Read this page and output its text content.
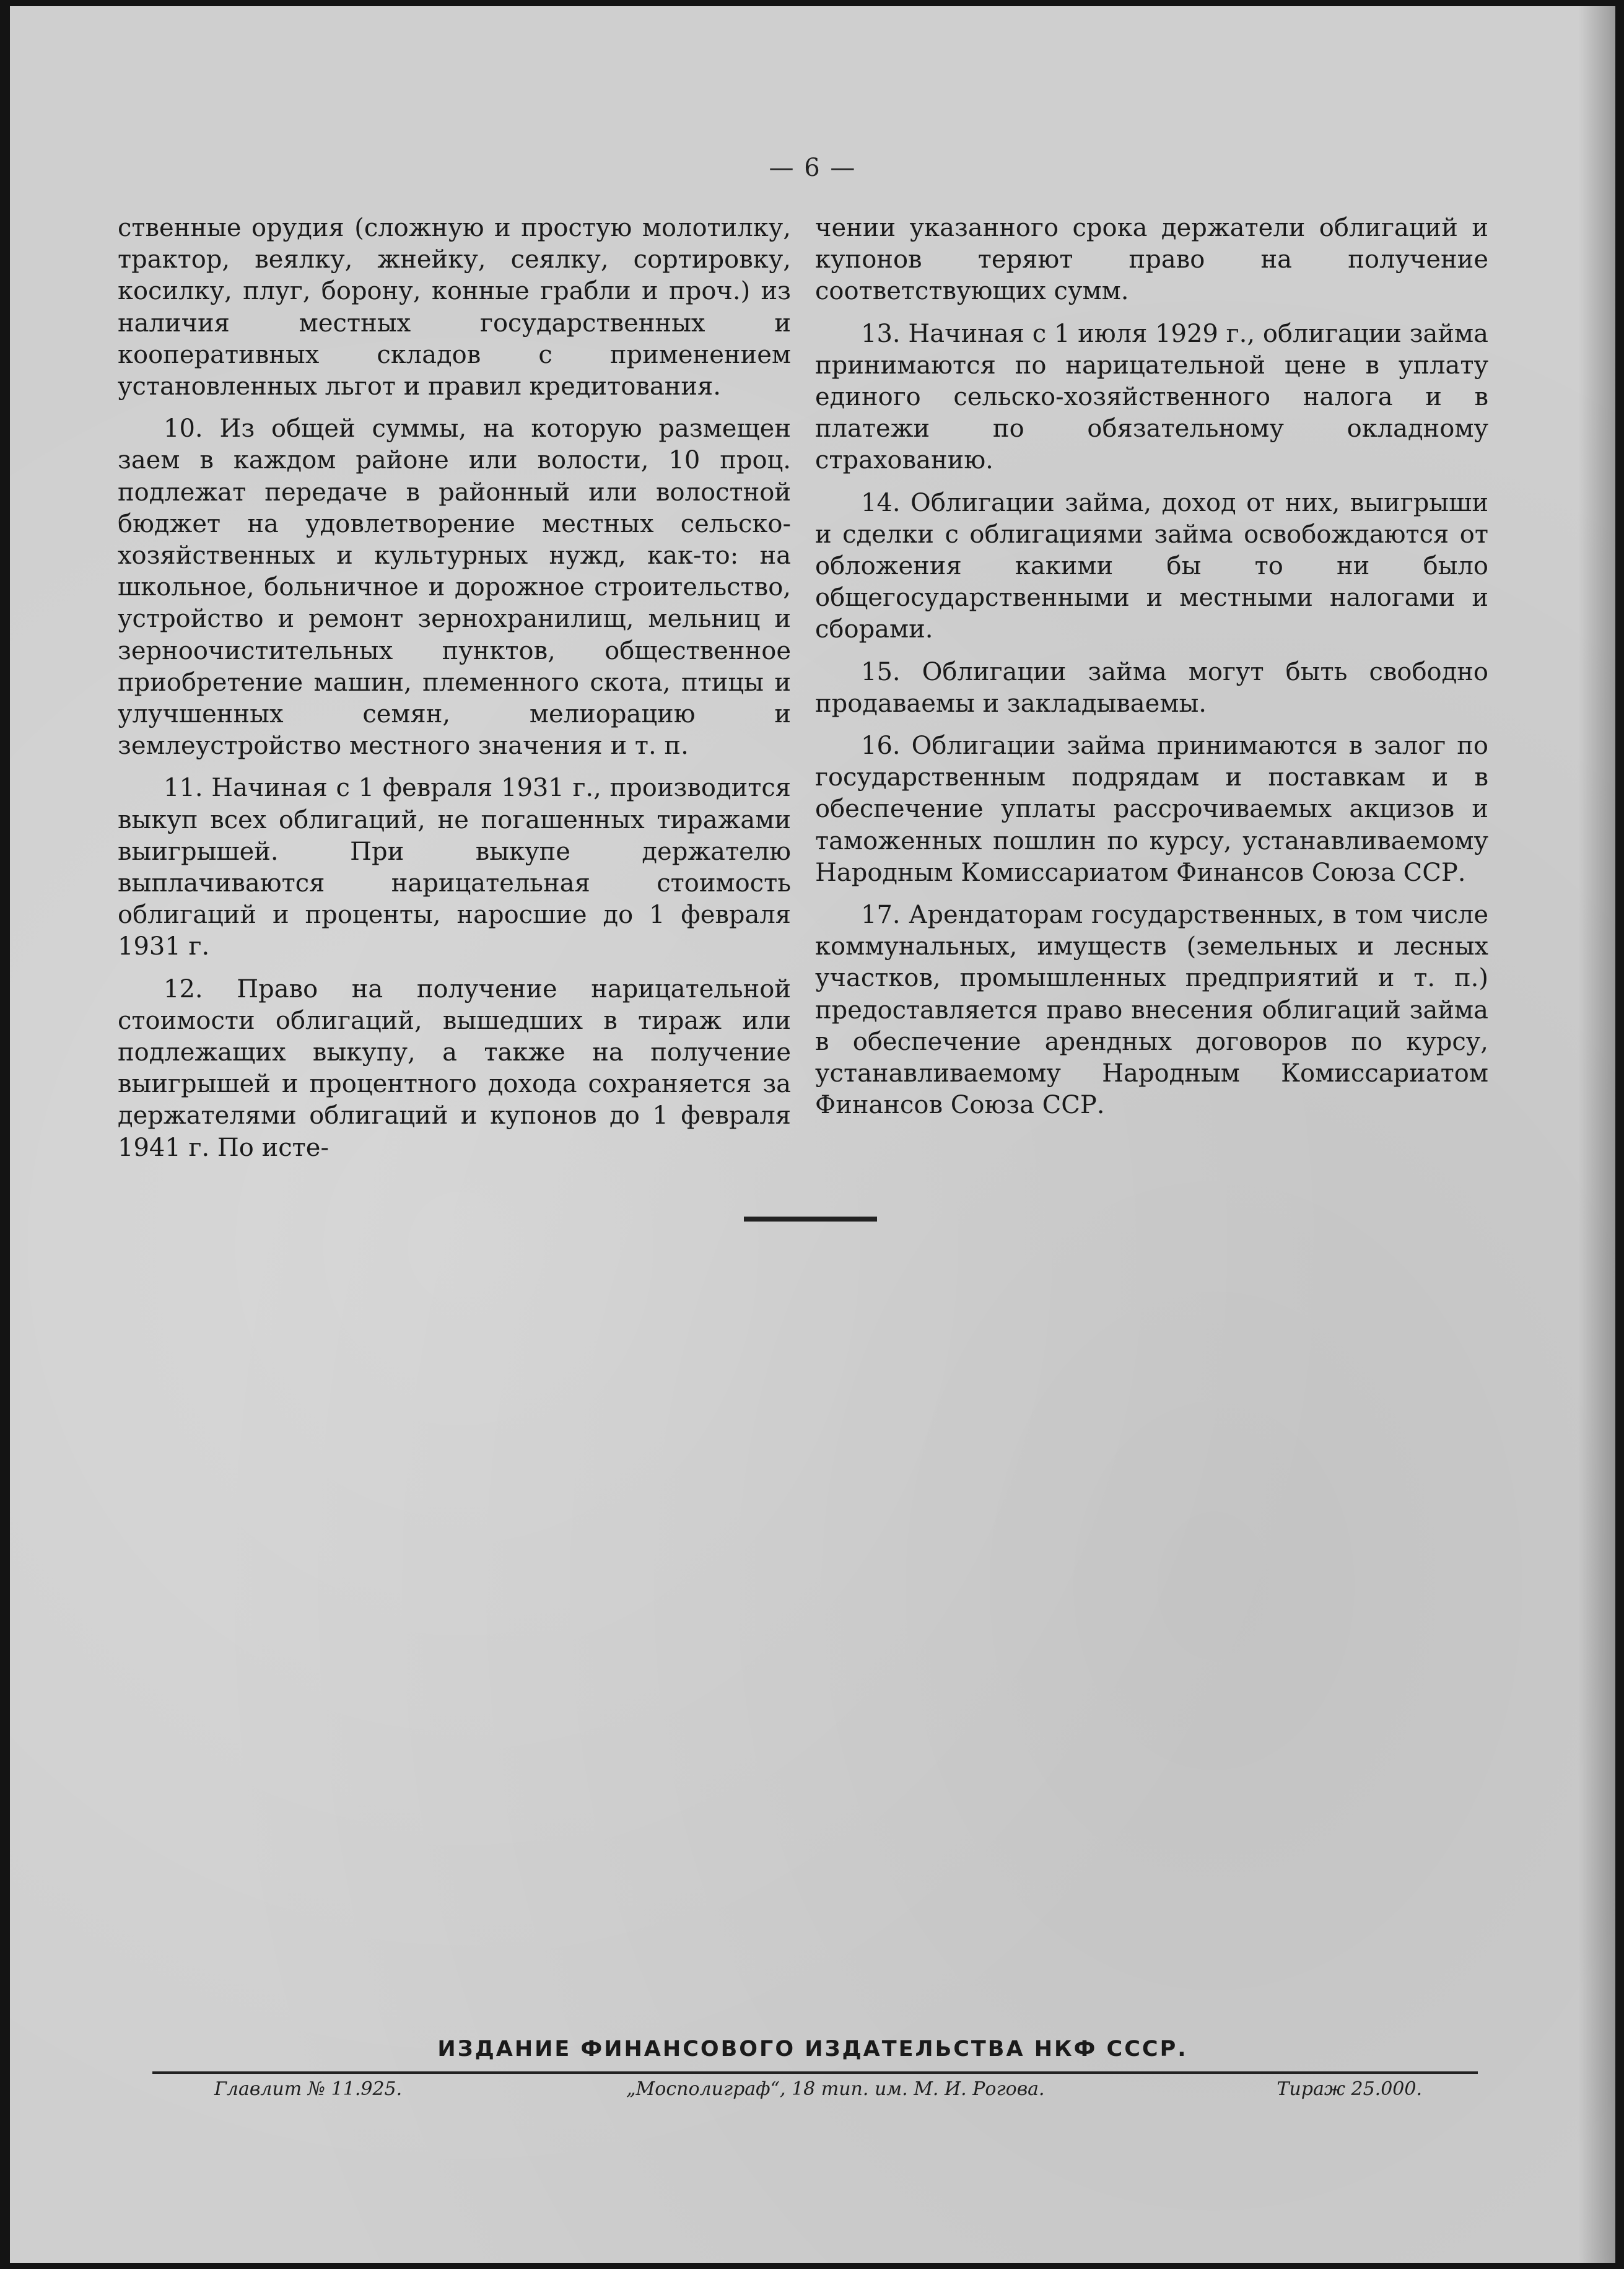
— 6 —

ственные орудия (сложную и простую молотилку, трактор, веялку, жнейку, сеялку, сортировку, косилку, плуг, борону, конные грабли и проч.) из наличия местных государственных и кооперативных складов с применением установленных льгот и правил кредитования.

10. Из общей суммы, на которую размещен заем в каждом районе или волости, 10 проц. подлежат передаче в районный или волостной бюджет на удовлетворение местных сельско-хозяйственных и культурных нужд, как-то: на школьное, больничное и дорожное строительство, устройство и ремонт зернохранилищ, мельниц и зерноочистительных пунктов, общественное приобретение машин, племенного скота, птицы и улучшенных семян, мелиорацию и землеустройство местного значения и т. п.

11. Начиная с 1 февраля 1931 г., производится выкуп всех облигаций, не погашенных тиражами выигрышей. При выкупе держателю выплачиваются нарицательная стоимость облигаций и проценты, наросшие до 1 февраля 1931 г.

12. Право на получение нарицательной стоимости облигаций, вышедших в тираж или подлежащих выкупу, а также на получение выигрышей и процентного дохода сохраняется за держателями облигаций и купонов до 1 февраля 1941 г. По исте-

чении указанного срока держатели облигаций и купонов теряют право на получение соответствующих сумм.

13. Начиная с 1 июля 1929 г., облигации займа принимаются по нарицательной цене в уплату единого сельско-хозяйственного налога и в платежи по обязательному окладному страхованию.

14. Облигации займа, доход от них, выигрыши и сделки с облигациями займа освобождаются от обложения какими бы то ни было общегосударственными и местными налогами и сборами.

15. Облигации займа могут быть свободно продаваемы и закладываемы.

16. Облигации займа принимаются в залог по государственным подрядам и поставкам и в обеспечение уплаты рассрочиваемых акцизов и таможенных пошлин по курсу, устанавливаемому Народным Комиссариатом Финансов Союза ССР.

17. Арендаторам государственных, в том числе коммунальных, имуществ (земельных и лесных участков, промышленных предприятий и т. п.) предоставляется право внесения облигаций займа в обеспечение арендных договоров по курсу, устанавливаемому Народным Комиссариатом Финансов Союза ССР.

ИЗДАНИЕ ФИНАНСОВОГО ИЗДАТЕЛЬСТВА НКФ СССР.
Главлит № 11.925.	„Мосполиграф“, 18 тип. им. М. И. Рогова.	Тираж 25.000.
